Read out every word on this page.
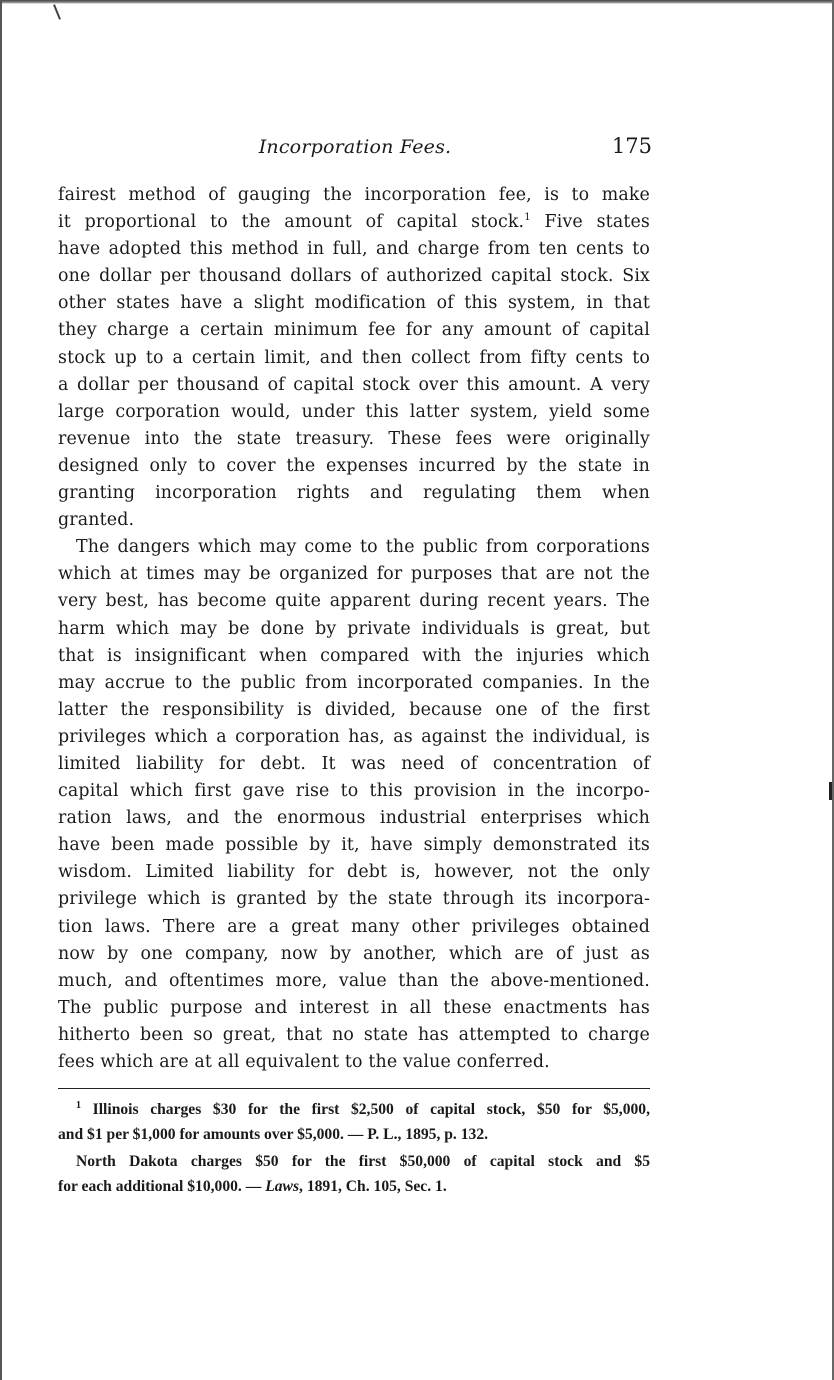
Incorporation Fees.	175
fairest method of gauging the incorporation fee, is to make
it proportional to the amount of capital stock.$^1$ Five states
have adopted this method in full, and charge from ten cents to
one dollar per thousand dollars of authorized capital stock. Six
other states have a slight modification of this system, in that
they charge a certain minimum fee for any amount of capital
stock up to a certain limit, and then collect from fifty cents to
a dollar per thousand of capital stock over this amount. A very
large corporation would, under this latter system, yield some
revenue into the state treasury. These fees were originally
designed only to cover the expenses incurred by the state in
granting incorporation rights and regulating them when
granted.
The dangers which may come to the public from corporations
which at times may be organized for purposes that are not the
very best, has become quite apparent during recent years. The
harm which may be done by private individuals is great, but
that is insignificant when compared with the injuries which
may accrue to the public from incorporated companies. In the
latter the responsibility is divided, because one of the first
privileges which a corporation has, as against the individual, is
limited liability for debt. It was need of concentration of
capital which first gave rise to this provision in the incorpo-
ration laws, and the enormous industrial enterprises which
have been made possible by it, have simply demonstrated its
wisdom. Limited liability for debt is, however, not the only
privilege which is granted by the state through its incorpora-
tion laws. There are a great many other privileges obtained
now by one company, now by another, which are of just as
much, and oftentimes more, value than the above-mentioned.
The public purpose and interest in all these enactments has
hitherto been so great, that no state has attempted to charge
fees which are at all equivalent to the value conferred.
$^1$ Illinois charges $30 for the first $2,500 of capital stock, $50 for $5,000,
and $1 per $1,000 for amounts over $5,000. — P. L., 1895, p. 132.
North Dakota charges $50 for the first $50,000 of capital stock and $5
for each additional $10,000. — Laws, 1891, Ch. 105, Sec. 1.
